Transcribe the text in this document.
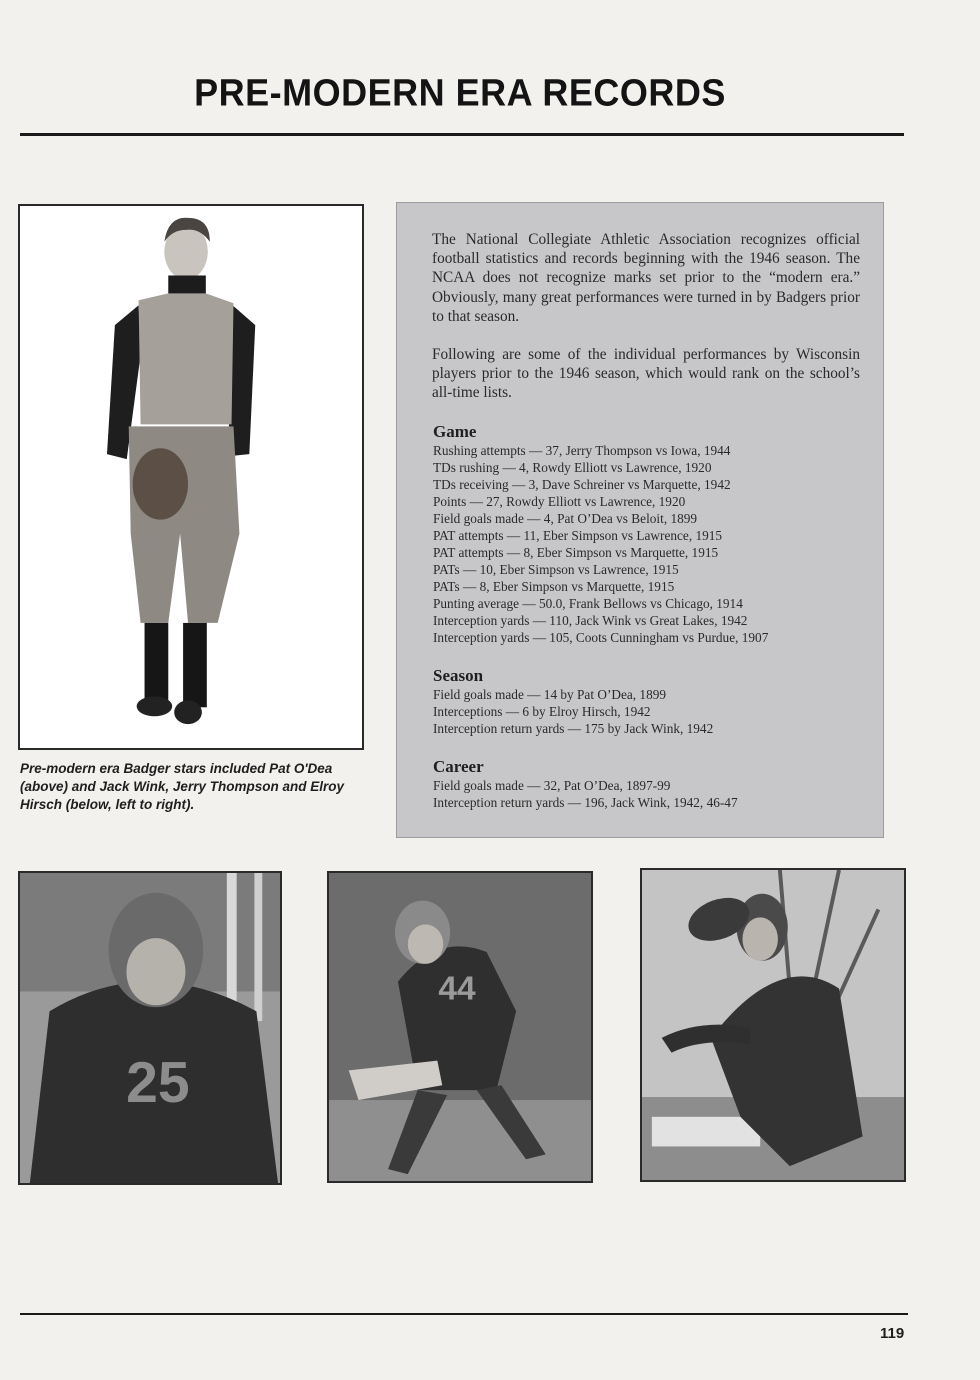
PRE-MODERN ERA RECORDS
Pre-modern era Badger stars included Pat O'Dea (above) and Jack Wink, Jerry Thompson and Elroy Hirsch (below, left to right).
The National Collegiate Athletic Association recognizes official football statistics and records beginning with the 1946 season. The NCAA does not recognize marks set prior to the “modern era.” Obviously, many great performances were turned in by Badgers prior to that season.
Following are some of the individual performances by Wisconsin players prior to the 1946 season, which would rank on the school’s all-time lists.
Game
Rushing attempts — 37, Jerry Thompson vs Iowa, 1944
TDs rushing — 4, Rowdy Elliott vs Lawrence, 1920
TDs receiving — 3, Dave Schreiner vs Marquette, 1942
Points — 27, Rowdy Elliott vs Lawrence, 1920
Field goals made — 4, Pat O’Dea vs Beloit, 1899
PAT attempts — 11, Eber Simpson vs Lawrence, 1915
PAT attempts — 8, Eber Simpson vs Marquette, 1915
PATs — 10, Eber Simpson vs Lawrence, 1915
PATs — 8, Eber Simpson vs Marquette, 1915
Punting average — 50.0, Frank Bellows vs Chicago, 1914
Interception yards — 110, Jack Wink vs Great Lakes, 1942
Interception yards — 105, Coots Cunningham vs Purdue, 1907
Season
Field goals made — 14 by Pat O’Dea, 1899
Interceptions — 6 by Elroy Hirsch, 1942
Interception return yards — 175 by Jack Wink, 1942
Career
Field goals made — 32, Pat O’Dea, 1897-99
Interception return yards — 196, Jack Wink, 1942, 46-47
25
44
119
